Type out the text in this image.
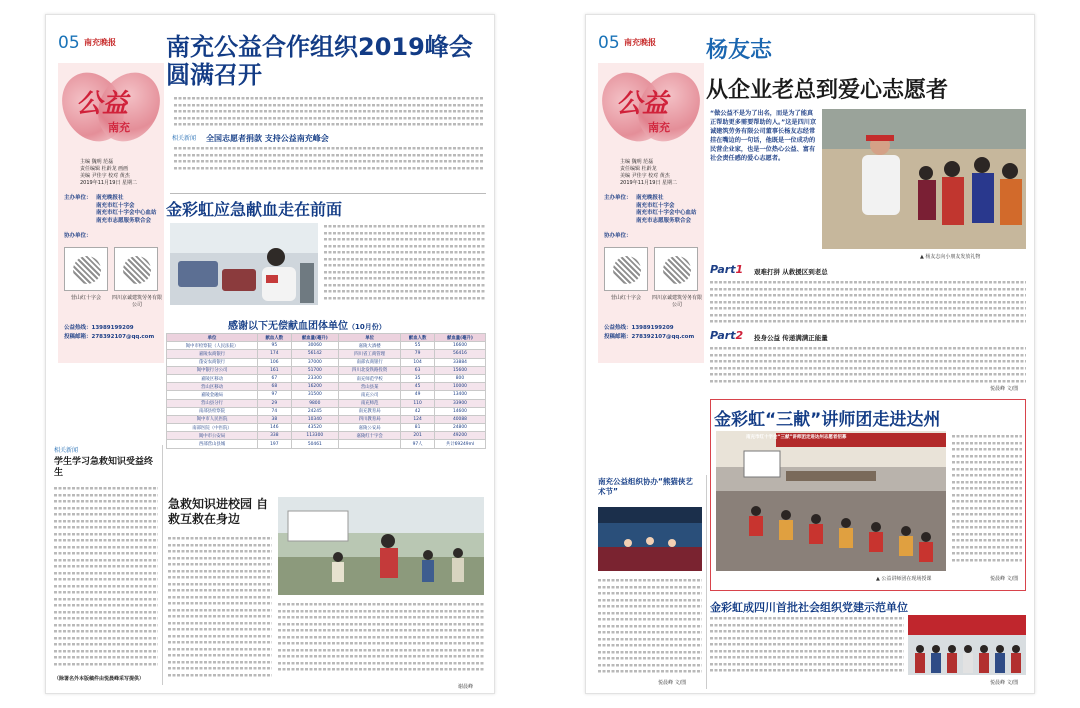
05 南充晚报 南充公益合作组织2019峰会圆满召开
公益
南充
主编 魏明 范磊
责任编辑 杜龄龙 画画
美编 尹佳宇 校对 黄杰
2019年11月19日 星期二
主办单位： 南充晚报社
南充市红十字会
南充市红十字会中心血站
南充市志愿服务联合会
协办单位：
营山红十字会	四川京诚建筑劳务有限公司
公益热线：13989199209
投稿邮箱：278392107@qq.com
相关新闻 全国志愿者捐款 支持公益南充峰会
金彩虹应急献血走在前面
感谢以下无偿献血团体单位（10月份）
单位	献血人数	献血量(毫升)	单位	献血人数	献血量(毫升)
阆中市检察院（人民法院）	95	30060	嘉陵大酒楼	55	16600
嘉陵农商银行	174	56142	四川省工商管理	79	56416
蓬安农商银行	106	37000	南部农商银行	104	33884
阆中银行分公司	161	51700	四川北发铁路投资	63	15600
嘉陵区移动	67	23300	南充师范学校	35	800
营山区移动	68	16200	营山县某	45	10000
嘉陵金融局	97	31500	南充公司	49	13400
营山县分行	29	9800	南充师范	110	33900
南部县检察院	74	24245	南充教育局	42	14600
阆中市人民医院	38	10340	四川教育局	124	40088
南部医院（中医院）	146	43520	嘉陵公安局	81	24800
阆中市公安局	338	113300	嘉陵红十字会	201	49200
西部营山县城	197	50461		97人	共计69249ml
相关新闻
学生学习急救知识受益终生
（除署名外本版稿件由悦晨峰采写提供）
急救知识进校园 自救互救在身边
谢晨峰
05 南充晚报 杨友志
从企业老总到爱心志愿者
公益
南充
主编 魏明 范磊
责任编辑 杜龄龙
美编 尹佳宇 校对 黄杰
2019年11月19日 星期二
主办单位： 南充晚报社
南充市红十字会
南充市红十字会中心血站
南充市志愿服务联合会
协办单位：
营山红十字会	四川京诚建筑劳务有限公司
公益热线：13989199209
投稿邮箱：278392107@qq.com
“做公益不是为了出名，而是为了能真正帮助更多需要帮助的人。”这是四川京诚建筑劳务有限公司董事长杨友志经常挂在嘴边的一句话，他既是一位成功的民营企业家，也是一位热心公益、富有社会责任感的爱心志愿者。
▲ 杨友志向小朋友发放礼物
Part1 艰难打拼 从救援区到老总
Part2 投身公益 传递满满正能量
悦晨峰 文/图
金彩虹“三献”讲师团走进达州
南充市红十字会“三献”讲师团走进达州志愿者招募
▲ 公益讲师团在现场授课	悦晨峰 文/图
南充公益组织协办“熊猫侠艺术节”
悦晨峰 文/图
金彩虹成四川首批社会组织党建示范单位
悦晨峰 文/图
